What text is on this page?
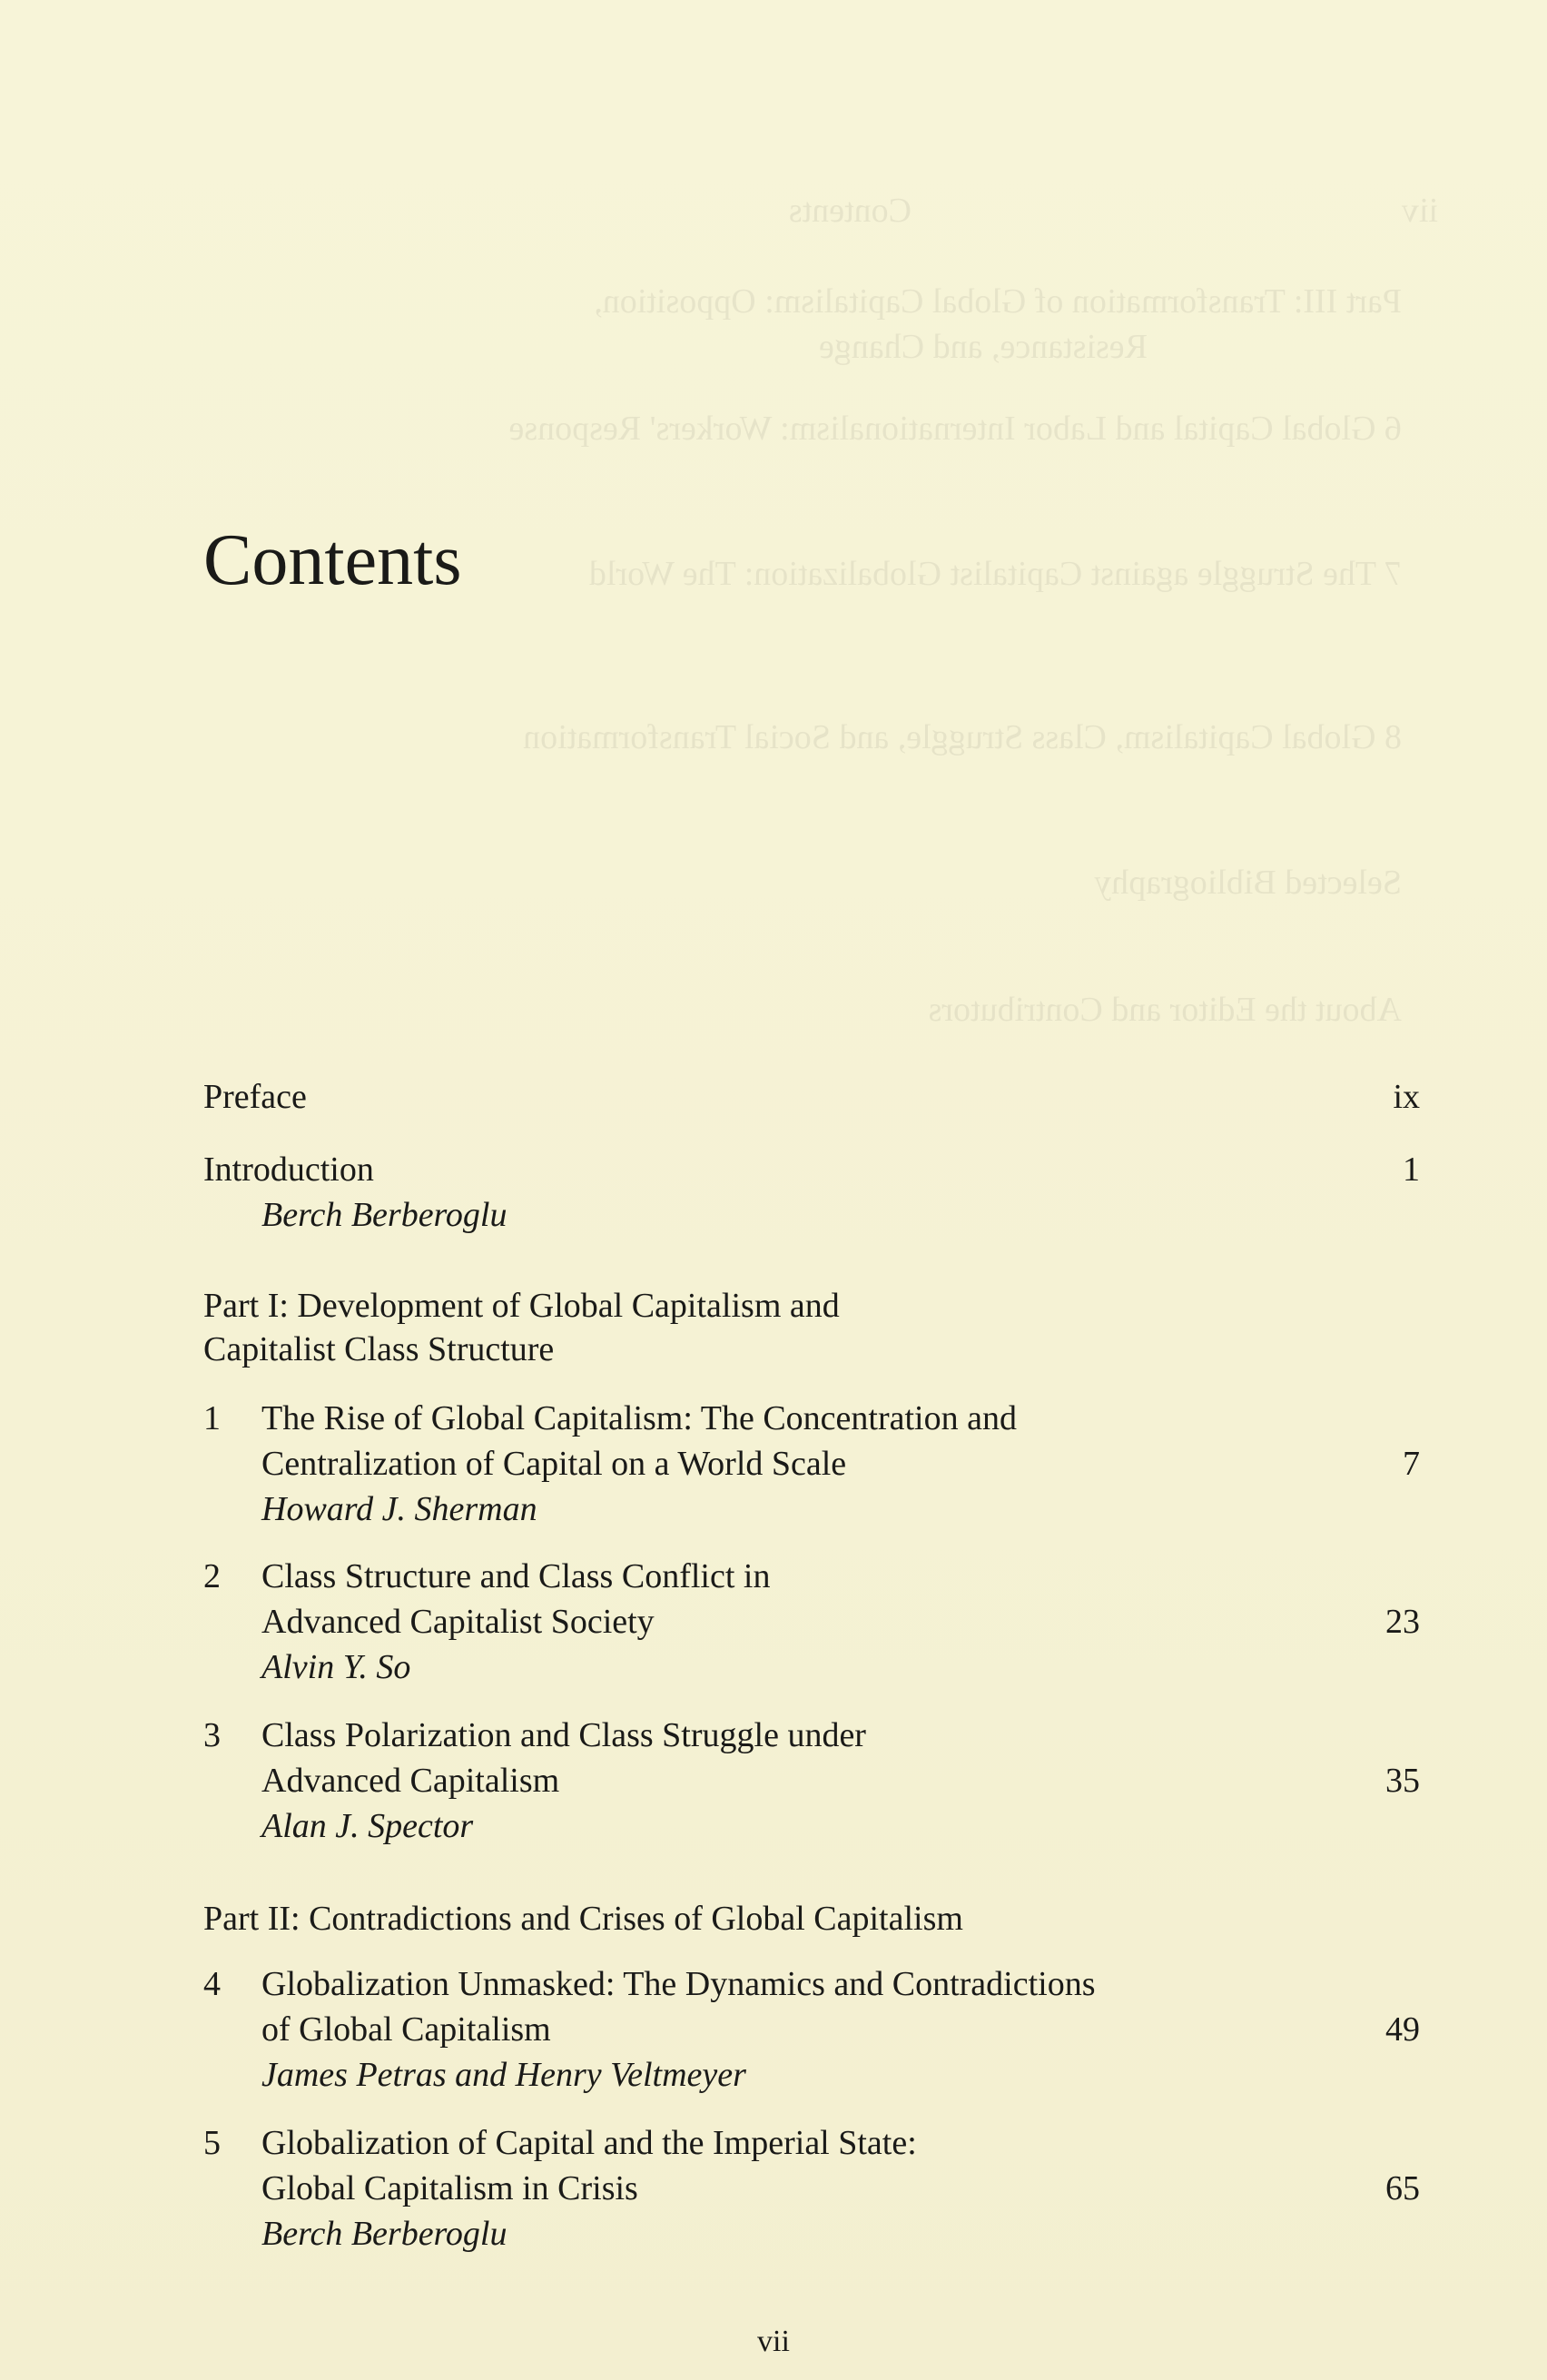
iiv
Contents
Part III: Transformation of Global Capitalism: Opposition,
Resistance, and Change
6 Global Capital and Labor Internationalism: Workers' Response
7 The Struggle against Capitalist Globalization: The World
8 Global Capitalism, Class Struggle, and Social Transformation
Selected Bibliography
About the Editor and Contributors
Contents
Preface	ix
Introduction	1
Berch Berberoglu
Part I: Development of Global Capitalism and
Capitalist Class Structure
1 The Rise of Global Capitalism: The Concentration and
Centralization of Capital on a World Scale	7
Howard J. Sherman
2 Class Structure and Class Conflict in
Advanced Capitalist Society	23
Alvin Y. So
3 Class Polarization and Class Struggle under
Advanced Capitalism	35
Alan J. Spector
Part II: Contradictions and Crises of Global Capitalism
4 Globalization Unmasked: The Dynamics and Contradictions
of Global Capitalism	49
James Petras and Henry Veltmeyer
5 Globalization of Capital and the Imperial State:
Global Capitalism in Crisis	65
Berch Berberoglu
vii
